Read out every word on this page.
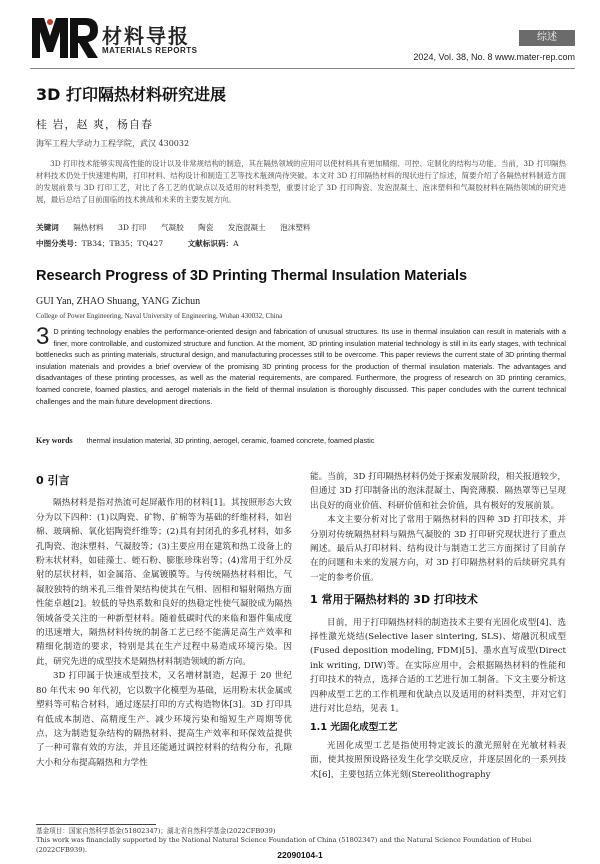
材料导报
MATERIALS REPORTS
综述
2024, Vol. 38, No. 8 www.mater-rep.com
3D 打印隔热材料研究进展
桂 岩，赵 爽，杨自春
海军工程大学动力工程学院，武汉 430032
3D 打印技术能够实现高性能的设计以及非常规结构的制造，其在隔热领域的应用可以使材料具有更加精细、可控、定制化的结构与功能。当前，3D 打印隔热材料技术仍处于快速建构期，打印材料、结构设计和制造工艺等技术瓶颈尚待突破。本文对 3D 打印隔热材料的现状进行了综述，简要介绍了各隔热材料制造方面的发展前景与 3D 打印工艺，对比了各工艺的优缺点以及适用的材料类型，重要讨论了 3D 打印陶瓷、发泡混凝土、泡沫塑料和气凝胶材料在隔热领域的研究进展，最后总结了目前面临的技术挑战和未来的主要发展方向。
关键词 隔热材料 3D 打印 气凝胶 陶瓷 发泡混凝土 泡沫塑料
中图分类号：TB34；TB35；TQ427	文献标识码：A
Research Progress of 3D Printing Thermal Insulation Materials
GUI Yan, ZHAO Shuang, YANG Zichun
College of Power Engineering, Naval University of Engineering, Wuhan 430032, China
3 D printing technology enables the performance-oriented design and fabrication of unusual structures. Its use in thermal insulation can result in materials with a finer, more controllable, and customized structure and function. At the moment, 3D printing insulation material technology is still in its early stages, with technical bottlenecks such as printing materials, structural design, and manufacturing processes still to be overcome. This paper reviews the current state of 3D printing thermal insulation materials and provides a brief overview of the promising 3D printing process for the production of thermal insulation materials. The advantages and disadvantages of these printing processes, as well as the material requirements, are compared. Furthermore, the progress of research on 3D printing ceramics, foamed concrete, foamed plastics, and aerogel materials in the field of thermal insulation is thoroughly discussed. This paper concludes with the current technical challenges and the main future development directions.
Key words thermal insulation material, 3D printing, aerogel, ceramic, foamed concrete, foamed plastic
0 引言

隔热材料是指对热流可起屏蔽作用的材料[1]。其按照形态大致分为以下四种：(1)以陶瓷、矿物、矿棉等为基础的纤维材料，如岩棉、玻璃棉、氧化铝陶瓷纤维等；(2)具有封闭孔的多孔材料，如多孔陶瓷、泡沫塑料、气凝胶等；(3)主要应用在建筑和热工设备上的粉末状材料，如硅藻土、蛭石粉、膨胀珍珠岩等；(4)常用于红外反射的层状材料，如金属箔、金属镀膜等。与传统隔热材料相比，气凝胶独特的纳米孔三维骨架结构使其在气相、固相和辐射隔热方面性能卓越[2]。较低的导热系数和良好的热稳定性使气凝胶成为隔热领域备受关注的一种新型材料。随着低碳时代的来临和器件集成度的迅速增大，隔热材料传统的制备工艺已经不能满足高生产效率和精细化制造的要求，特别是其在生产过程中易造成环境污染。因此，研究先进的成型技术是隔热材料制造领域的新方向。

3D 打印属于快速成型技术，又名增材制造，起源于 20 世纪 80 年代末 90 年代初，它以数字化模型为基础，运用粉末状金属或塑料等可粘合材料，通过逐层打印的方式构造物体[3]。3D 打印具有低成本制造、高精度生产、减少环境污染和缩短生产周期等优点，这为制造复杂结构的隔热材料、提高生产效率和环保效益提供了一种可靠有效的方法，并且还能通过调控材料的结构分布，孔隙大小和分布提高隔热和力学性

能。当前，3D 打印隔热材料仍处于探索发展阶段，相关报道较少，但通过 3D 打印制备出的泡沫混凝土、陶瓷薄膜、隔热罩等已呈现出良好的商业价值、科研价值和社会价值，具有极好的发展前景。

本文主要分析对比了常用于隔热材料的四种 3D 打印技术，并分别对传统隔热材料与隔热气凝胶的 3D 打印研究现状进行了重点阐述。最后从打印材料、结构设计与制造工艺三方面探讨了目前存在的问题和未来的发展方向，对 3D 打印隔热材料的后续研究具有一定的参考价值。

1 常用于隔热材料的 3D 打印技术

目前，用于打印隔热材料的制造技术主要有光固化成型[4]、选择性激光烧结(Selective laser sintering, SLS)、熔融沉积成型(Fused deposition modeling, FDM)[5]、墨水直写成型(Direct ink writing, DIW)等。在实际应用中，会根据隔热材料的性能和打印技术的特点，选择合适的工艺进行加工制备。下文主要分析这四种成型工艺的工作机理和优缺点以及适用的材料类型，并对它们进行对比总结，见表 1。

1.1 光固化成型工艺

光固化成型工艺是指使用特定波长的激光照射在光敏材料表面，使其按照预设路径发生化学交联反应，并逐层固化的一系列技术[6]，主要包括立体光刻(Stereolithography

基金项目：国家自然科学基金(51802347)；湖北省自然科学基金(2022CFB939)
This work was financially supported by the National Natural Science Foundation of China (51802347) and the Natural Science Foundation of Hubei (2022CFB939).
22090104-1
